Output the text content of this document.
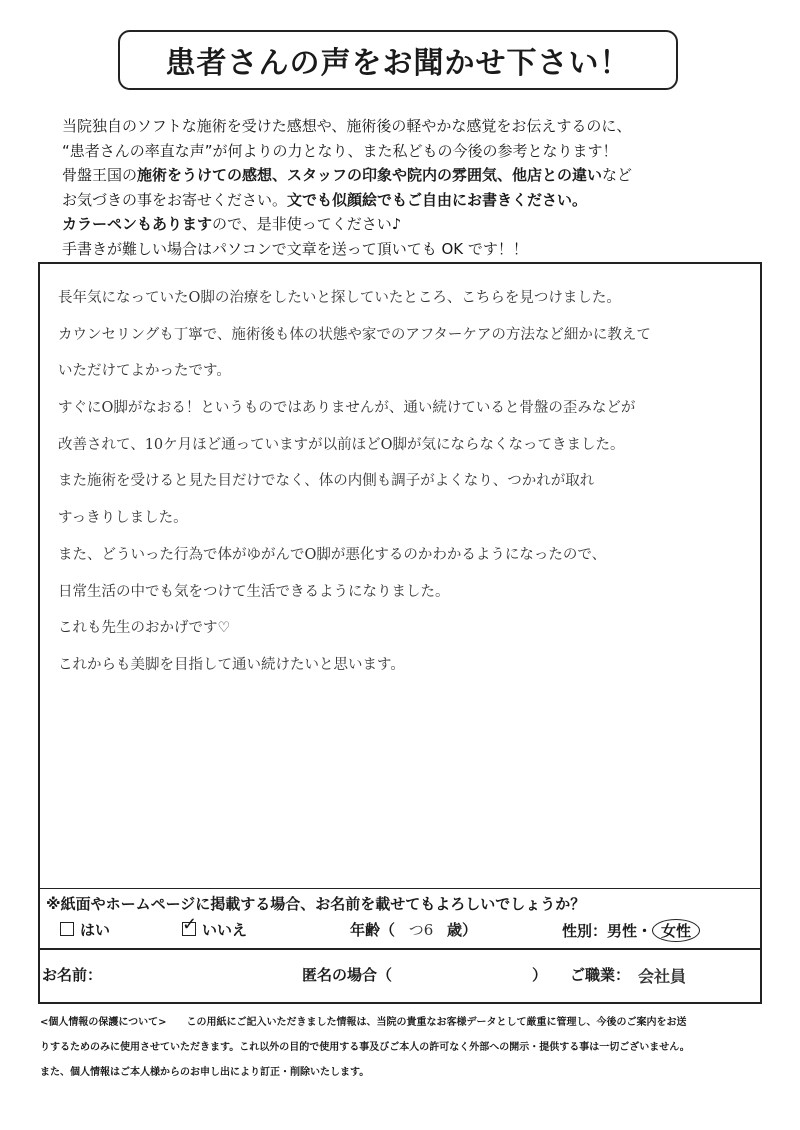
患者さんの声をお聞かせ下さい！
当院独自のソフトな施術を受けた感想や、施術後の軽やかな感覚をお伝えするのに、
“患者さんの率直な声”が何よりの力となり、また私どもの今後の参考となります！
骨盤王国の施術をうけての感想、スタッフの印象や院内の雰囲気、他店との違いなど
お気づきの事をお寄せください。文でも似顔絵でもご自由にお書きください。
カラーペンもありますので、是非使ってください♪
手書きが難しい場合はパソコンで文章を送って頂いても OK です！！
長年気になっていたO脚の治療をしたいと探していたところ、こちらを見つけました。
カウンセリングも丁寧で、施術後も体の状態や家でのアフターケアの方法など細かに教えて
いただけてよかったです。
すぐにO脚がなおる！というものではありませんが、通い続けていると骨盤の歪みなどが
改善されて、10ケ月ほど通っていますが以前ほどO脚が気にならなくなってきました。
また施術を受けると見た目だけでなく、体の内側も調子がよくなり、つかれが取れ
すっきりしました。
また、どういった行為で体がゆがんでO脚が悪化するのかわかるようになったので、
日常生活の中でも気をつけて生活できるようになりました。
これも先生のおかげです♡
これからも美脚を目指して通い続けたいと思います。
※紙面やホームページに掲載する場合、お名前を載せてもよろしいでしょうか？
はい	✓ いいえ	年齢（ つ6 歳）	性別：男性・ 女性
お名前：	匿名の場合（	） ご職業： 会社員
<個人情報の保護について>　　この用紙にご記入いただきました情報は、当院の貴重なお客様データとして厳重に管理し、今後のご案内をお送
りするためのみに使用させていただきます。これ以外の目的で使用する事及びご本人の許可なく外部への開示・提供する事は一切ございません。
また、個人情報はご本人様からのお申し出により訂正・削除いたします。
